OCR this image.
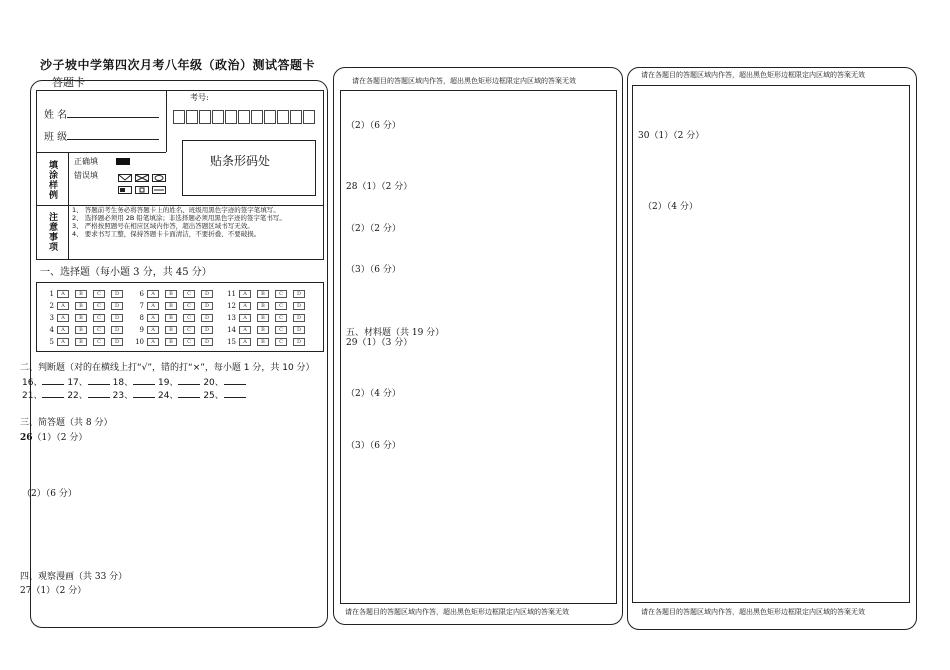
沙子坡中学第四次月考八年级（政治）测试答题卡
答题卡
姓 名
班 级
考号:
贴条形码处
填涂样例 正确填
错误填
注意事项
1、 答题前考生务必将答题卡上的姓名、班级用黑色字迹的签字笔填写。
2、 选择题必须用 2B 铅笔填涂；非选择题必须用黑色字迹的签字笔书写。
3、 严格按照题号在相应区域内作答，超出答题区域书写无效。
4、 要求书写工整，保持答题卡卡面清洁，不要折叠、不要破损。
一、选择题（每小题 3 分，共 45 分）
1	A	B	C	D
2	A	B	C	D
3	A	B	C	D
4	A	B	C	D
5	A	B	C	D
6	A	B	C	D
7	A	B	C	D
8	A	B	C	D
9	A	B	C	D
10	A	B	C	D
11	A	B	C	D
12	A	B	C	D
13	A	B	C	D
14	A	B	C	D
15	A	B	C	D
二、判断题（对的在横线上打“√”，错的打“×”，每小题 1 分，共 10 分）
16、	17、	18、	19、	20、
21、	22、	23、	24、	25、
三、简答题（共 8 分）
26（1）（2 分）
（2）（6 分）
四、观察漫画（共 33 分）
27（1）（2 分）
请在各题目的答题区域内作答，超出黑色矩形边框限定内区域的答案无效
（2）（6 分）
28（1）（2 分）
（2）（2 分）
（3）（6 分）
五、材料题（共 19 分）
29（1）（3 分）
（2）（4 分）
（3）（6 分）
请在各题目的答题区域内作答，超出黑色矩形边框限定内区域的答案无效
请在各题目的答题区域内作答，超出黑色矩形边框限定内区域的答案无效
30（1）（2 分）
（2）（4 分）
请在各题目的答题区域内作答，超出黑色矩形边框限定内区域的答案无效
